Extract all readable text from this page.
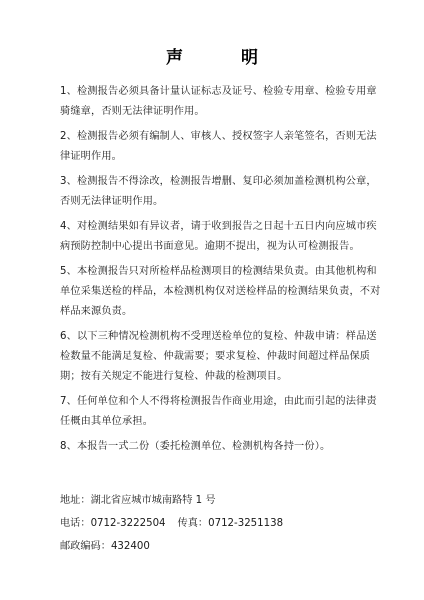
声 明

1、检测报告必须具备计量认证标志及证号、检验专用章、检验专用章骑缝章，否则无法律证明作用。

2、检测报告必须有编制人、审核人、授权签字人亲笔签名，否则无法律证明作用。

3、检测报告不得涂改，检测报告增删、复印必须加盖检测机构公章，否则无法律证明作用。

4、对检测结果如有异议者，请于收到报告之日起十五日内向应城市疾病预防控制中心提出书面意见。逾期不提出，视为认可检测报告。

5、本检测报告只对所检样品检测项目的检测结果负责。由其他机构和单位采集送检的样品，本检测机构仅对送检样品的检测结果负责，不对样品来源负责。

6、以下三种情况检测机构不受理送检单位的复检、仲裁申请：样品送检数量不能满足复检、仲裁需要；要求复检、仲裁时间超过样品保质期；按有关规定不能进行复检、仲裁的检测项目。

7、任何单位和个人不得将检测报告作商业用途，由此而引起的法律责任概由其单位承担。

8、本报告一式二份（委托检测单位、检测机构各持一份）。

地址： 湖北省应城市城南路特 1 号
电话： 0712-3222504 传真： 0712-3251138
邮政编码： 432400
